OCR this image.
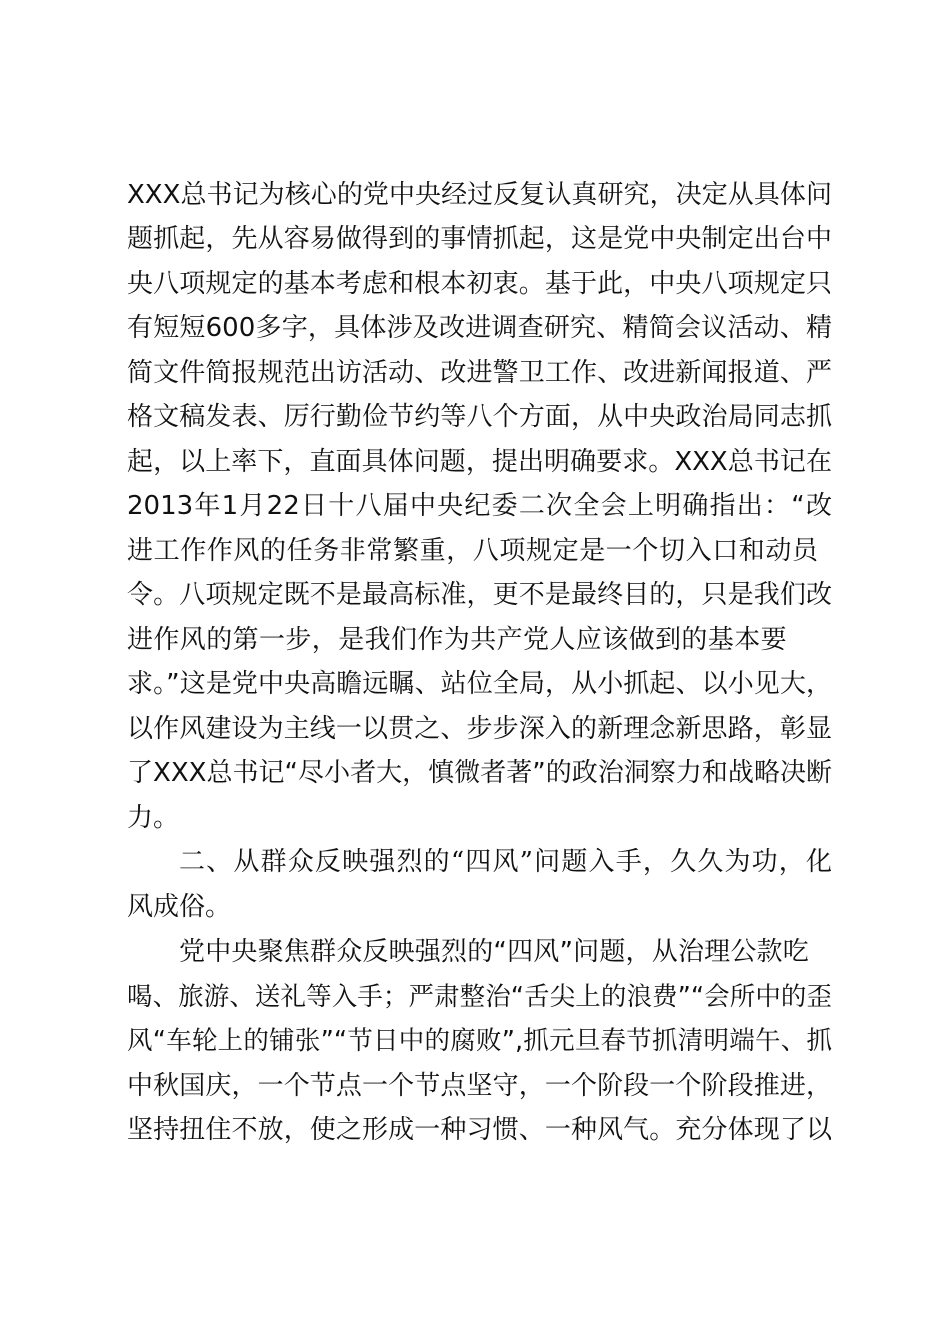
XXX总书记为核心的党中央经过反复认真研究，决定从具体问
题抓起，先从容易做得到的事情抓起，这是党中央制定出台中
央八项规定的基本考虑和根本初衷。基于此，中央八项规定只
有短短600多字，具体涉及改进调查研究、精简会议活动、精
简文件简报规范出访活动、改进警卫工作、改进新闻报道、严
格文稿发表、厉行勤俭节约等八个方面，从中央政治局同志抓
起，以上率下，直面具体问题，提出明确要求。XXX总书记在
2013年1月22日十八届中央纪委二次全会上明确指出：“改
进工作作风的任务非常繁重，八项规定是一个切入口和动员
令。八项规定既不是最高标准，更不是最终目的，只是我们改
进作风的第一步，是我们作为共产党人应该做到的基本要
求。”这是党中央高瞻远瞩、站位全局，从小抓起、以小见大，
以作风建设为主线一以贯之、步步深入的新理念新思路，彰显
了XXX总书记“尽小者大，慎微者著”的政治洞察力和战略决断
力。
二、从群众反映强烈的“四风”问题入手，久久为功，化
风成俗。
党中央聚焦群众反映强烈的“四风”问题，从治理公款吃
喝、旅游、送礼等入手；严肃整治“舌尖上的浪费”“会所中的歪
风“车轮上的铺张”“节日中的腐败”,抓元旦春节抓清明端午、抓
中秋国庆，一个节点一个节点坚守，一个阶段一个阶段推进，
坚持扭住不放，使之形成一种习惯、一种风气。充分体现了以
